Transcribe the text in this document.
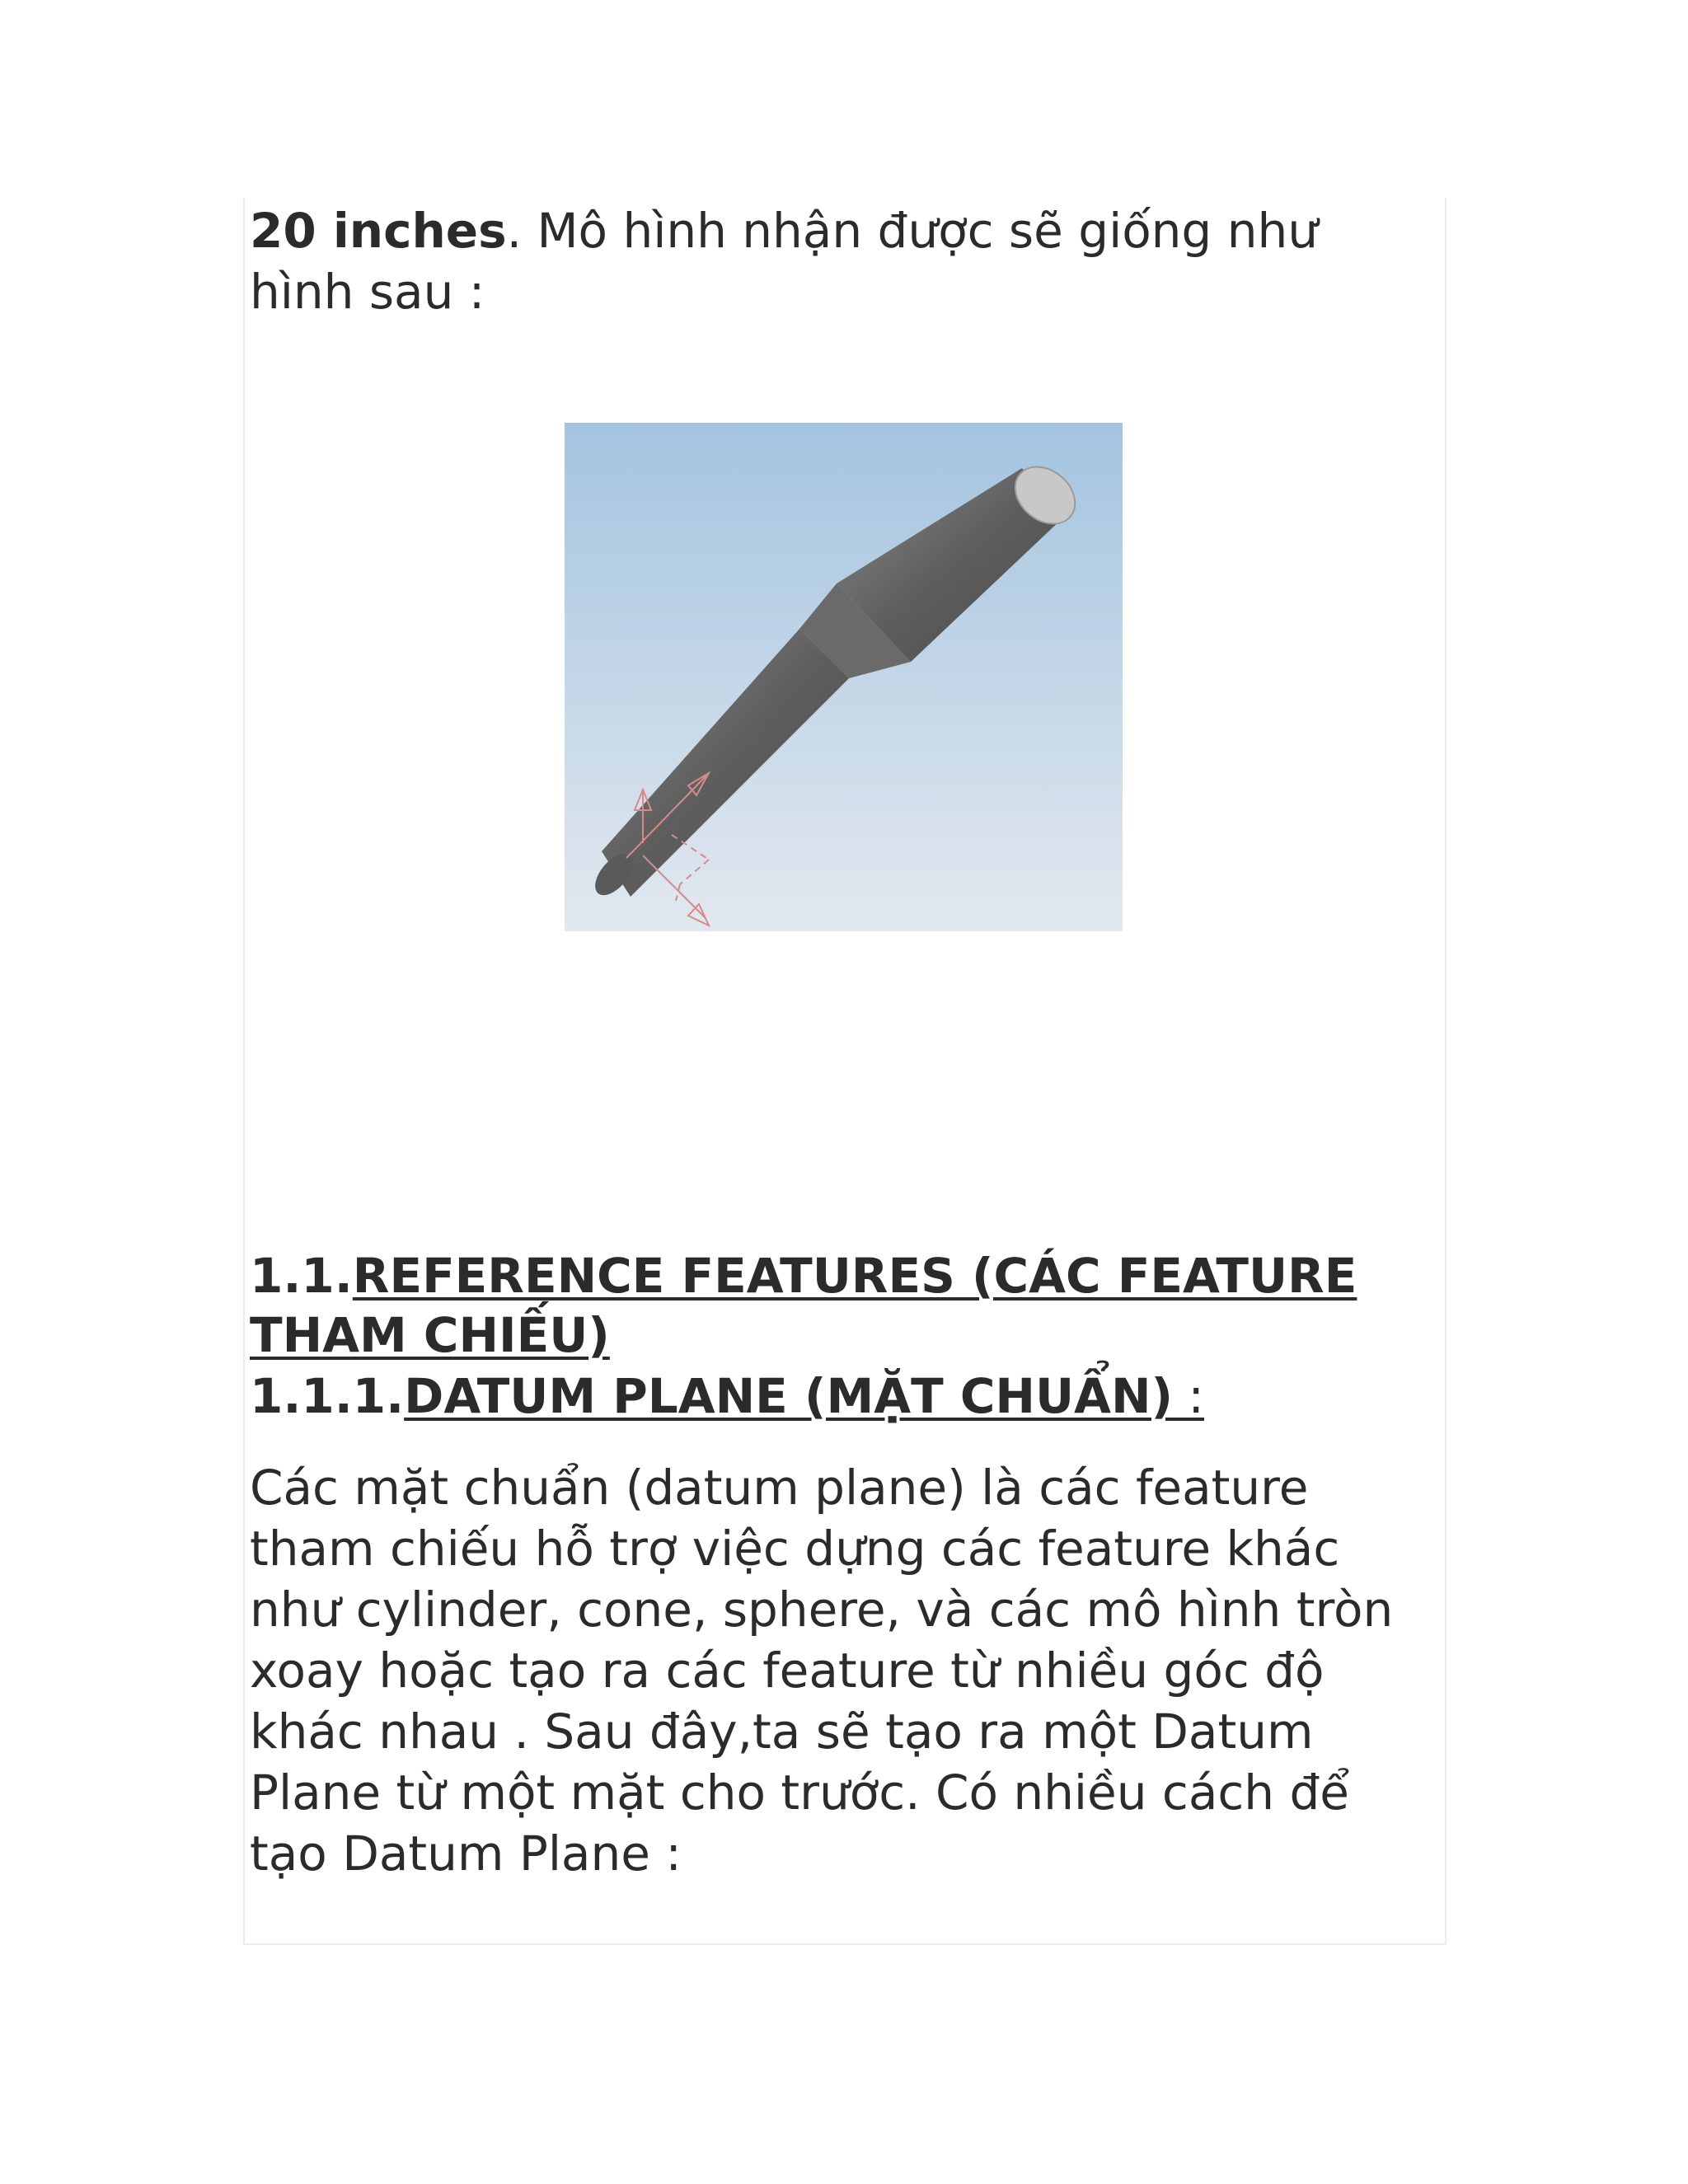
20 inches. Mô hình nhận được sẽ giống như hình sau :

1.1.REFERENCE FEATURES (CÁC FEATURE THAM CHIẾU)

1.1.1.DATUM PLANE (MẶT CHUẨN) :

Các mặt chuẩn (datum plane) là các feature tham chiếu hỗ trợ việc dựng các feature khác như cylinder, cone, sphere, và các mô hình tròn xoay hoặc tạo ra các feature từ nhiều góc độ khác nhau . Sau đây,ta sẽ tạo ra một Datum Plane từ một mặt cho trước. Có nhiều cách để tạo Datum Plane :
